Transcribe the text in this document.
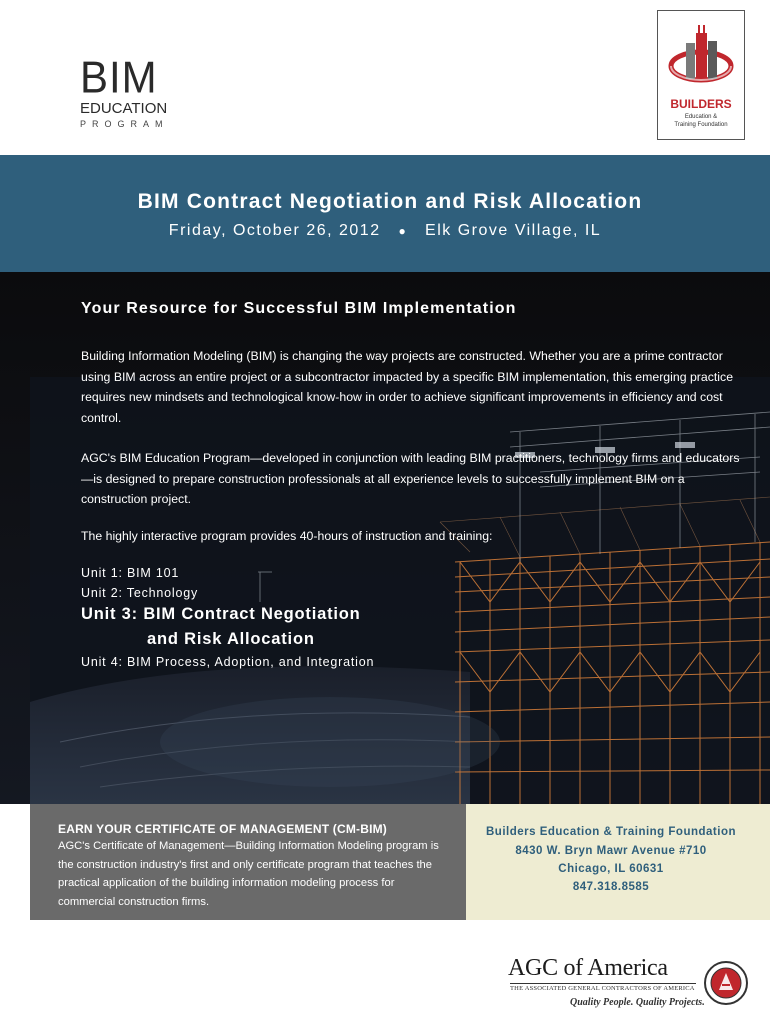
BIM
EDUCATION
PROGRAM
BUILDERS
Education &
Training Foundation
BIM Contract Negotiation and Risk Allocation
Friday, October 26, 2012 ● Elk Grove Village, IL
Your Resource for Successful BIM Implementation
Building Information Modeling (BIM) is changing the way projects are constructed. Whether you are a prime contractor using BIM across an entire project or a subcontractor impacted by a specific BIM implementation, this emerging practice requires new mindsets and technological know-how in order to achieve significant improvements in efficiency and cost control.
AGC's BIM Education Program—developed in conjunction with leading BIM practitioners, technology firms and educators—is designed to prepare construction professionals at all experience levels to successfully implement BIM on a construction project.
The highly interactive program provides 40-hours of instruction and training:
Unit 1: BIM 101
Unit 2: Technology
Unit 3: BIM Contract Negotiation
and Risk Allocation
Unit 4: BIM Process, Adoption, and Integration
EARN YOUR CERTIFICATE OF MANAGEMENT (CM-BIM)
AGC's Certificate of Management—Building Information Modeling program is the construction industry's first and only certificate program that teaches the practical application of the building information modeling process for commercial construction firms.
Builders Education & Training Foundation
8430 W. Bryn Mawr Avenue #710
Chicago, IL 60631
847.318.8585
AGC of America
THE ASSOCIATED GENERAL CONTRACTORS OF AMERICA
Quality People. Quality Projects.
